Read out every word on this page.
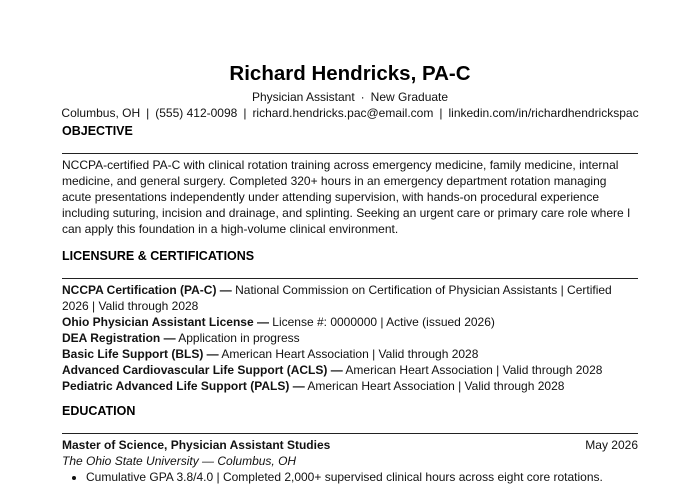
Richard Hendricks, PA-C
Physician Assistant · New Graduate
Columbus, OH | (555) 412-0098 | richard.hendricks.pac@email.com | linkedin.com/in/richardhendrickspac
OBJECTIVE

NCCPA-certified PA-C with clinical rotation training across emergency medicine, family medicine, internal medicine, and general surgery. Completed 320+ hours in an emergency department rotation managing acute presentations independently under attending supervision, with hands-on procedural experience including suturing, incision and drainage, and splinting. Seeking an urgent care or primary care role where I can apply this foundation in a high-volume clinical environment.

LICENSURE & CERTIFICATIONS

NCCPA Certification (PA-C) — National Commission on Certification of Physician Assistants | Certified 2026 | Valid through 2028

Ohio Physician Assistant License — License #: 0000000 | Active (issued 2026)

DEA Registration — Application in progress

Basic Life Support (BLS) — American Heart Association | Valid through 2028

Advanced Cardiovascular Life Support (ACLS) — American Heart Association | Valid through 2028

Pediatric Advanced Life Support (PALS) — American Heart Association | Valid through 2028

EDUCATION
Master of Science, Physician Assistant Studies	May 2026
The Ohio State University — Columbus, OH
• Cumulative GPA 3.8/4.0 | Completed 2,000+ supervised clinical hours across eight core rotations.
